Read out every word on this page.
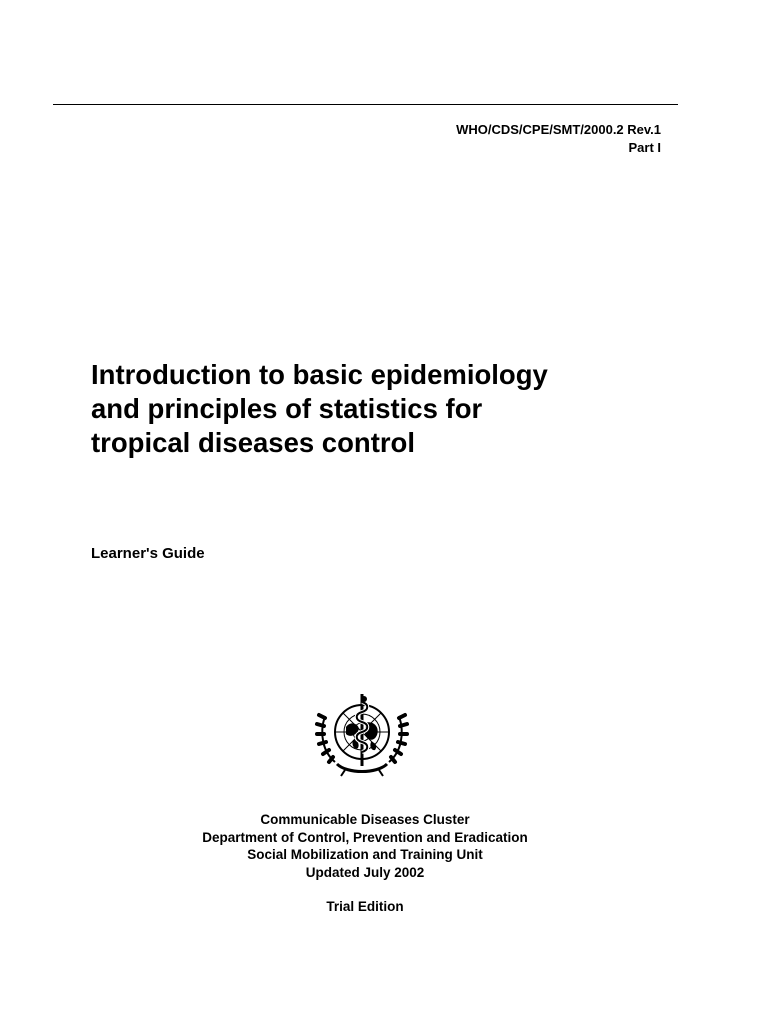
WHO/CDS/CPE/SMT/2000.2 Rev.1
Part I
Introduction to basic epidemiology
and principles of statistics for
tropical diseases control
Learner's Guide
Communicable Diseases Cluster
Department of Control, Prevention and Eradication
Social Mobilization and Training Unit
Updated July 2002
Trial Edition
